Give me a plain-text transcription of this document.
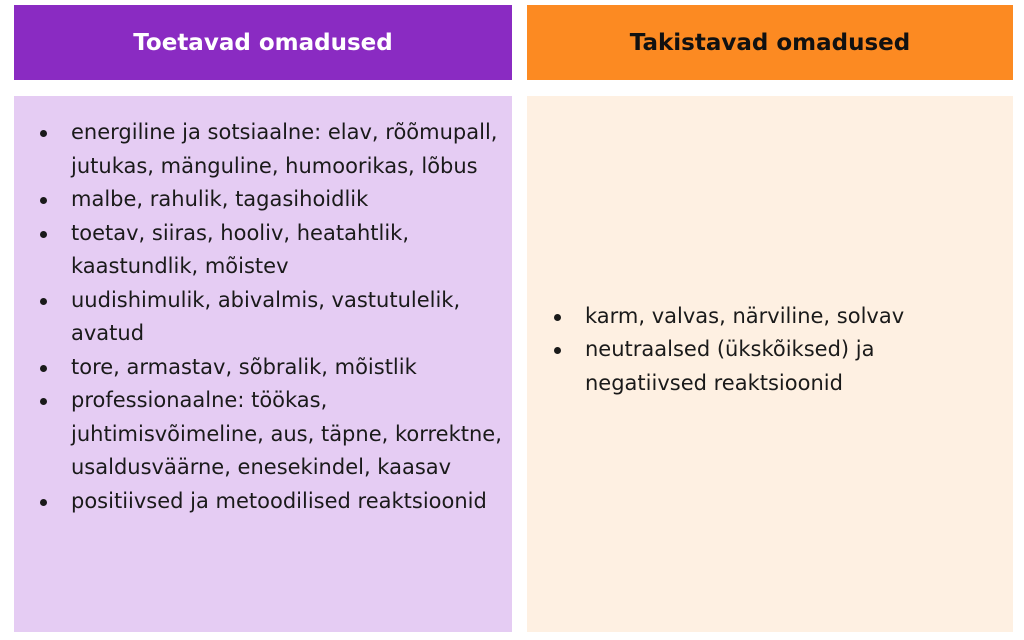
Toetavad omadused	Takistavad omadused
energiline ja sotsiaalne: elav, rõõmupall, jutukas, mänguline, humoorikas, lõbus
malbe, rahulik, tagasihoidlik
toetav, siiras, hooliv, heatahtlik, kaastundlik, mõistev
uudishimulik, abivalmis, vastutulelik, avatud
tore, armastav, sõbralik, mõistlik
professionaalne: töökas, juhtimisvõimeline, aus, täpne, korrektne, usaldusväärne, enesekindel, kaasav
positiivsed ja metoodilised reaktsioonid
karm, valvas, närviline, solvav
neutraalsed (ükskõiksed) ja negatiivsed reaktsioonid
